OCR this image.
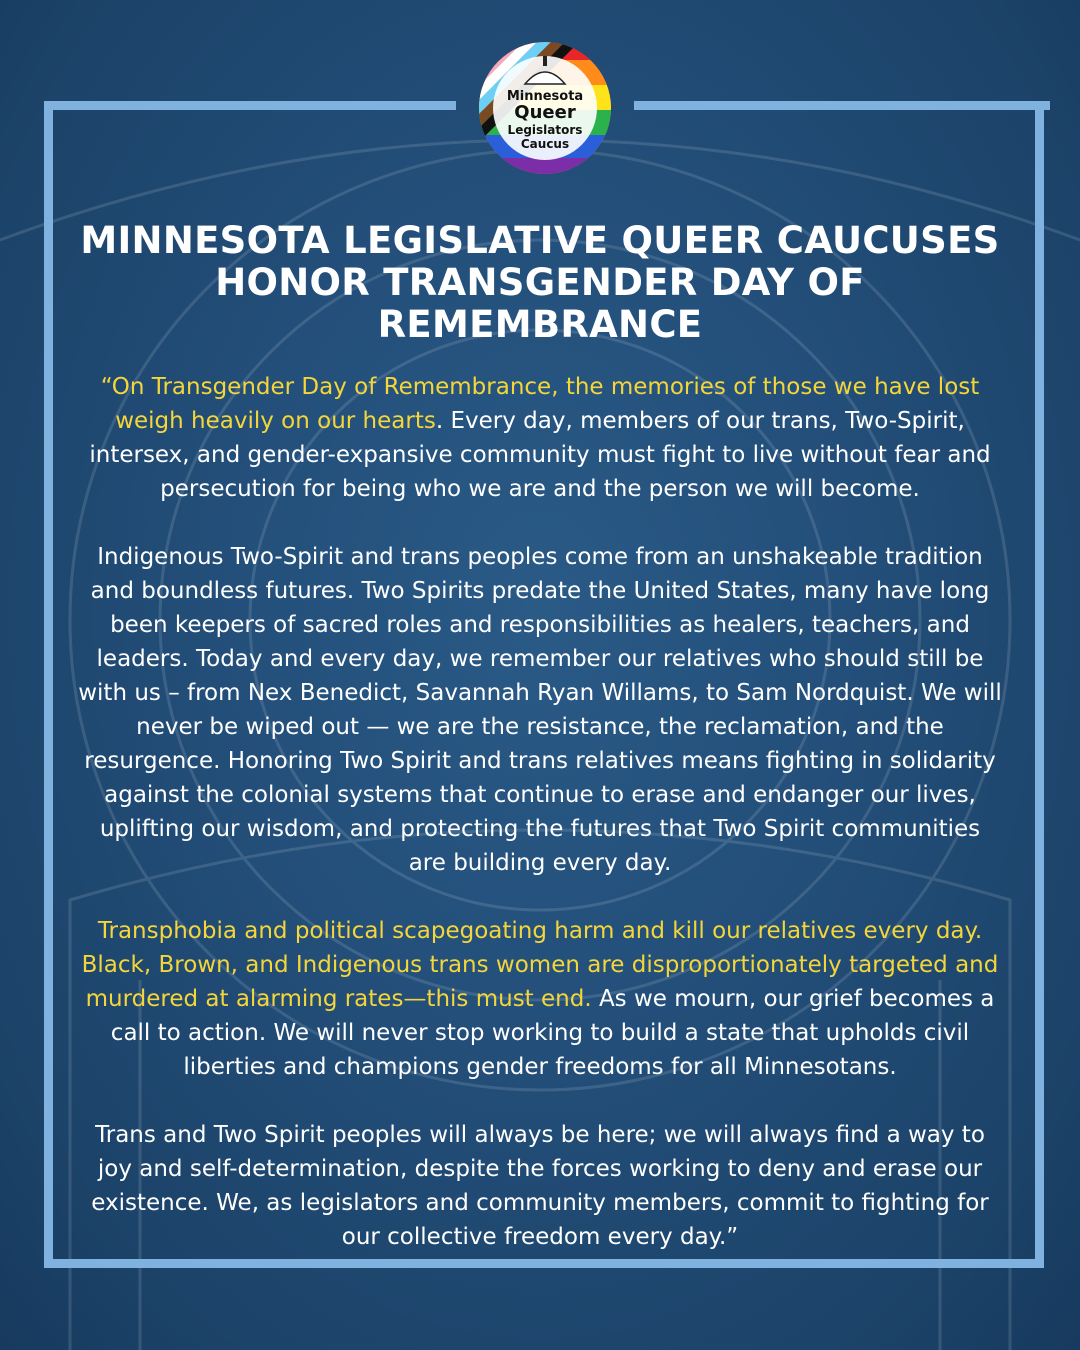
Minnesota
Queer
Legislators
Caucus
MINNESOTA LEGISLATIVE QUEER CAUCUSES HONOR TRANSGENDER DAY OF REMEMBRANCE

“On Transgender Day of Remembrance, the memories of those we have lost weigh heavily on our hearts. Every day, members of our trans, Two-Spirit, intersex, and gender-expansive community must fight to live without fear and persecution for being who we are and the person we will become.

Indigenous Two-Spirit and trans peoples come from an unshakeable tradition and boundless futures. Two Spirits predate the United States, many have long been keepers of sacred roles and responsibilities as healers, teachers, and leaders. Today and every day, we remember our relatives who should still be with us – from Nex Benedict, Savannah Ryan Willams, to Sam Nordquist. We will never be wiped out — we are the resistance, the reclamation, and the resurgence. Honoring Two Spirit and trans relatives means fighting in solidarity against the colonial systems that continue to erase and endanger our lives, uplifting our wisdom, and protecting the futures that Two Spirit communities are building every day.

Transphobia and political scapegoating harm and kill our relatives every day. Black, Brown, and Indigenous trans women are disproportionately targeted and murdered at alarming rates—this must end. As we mourn, our grief becomes a call to action. We will never stop working to build a state that upholds civil liberties and champions gender freedoms for all Minnesotans.

Trans and Two Spirit peoples will always be here; we will always find a way to joy and self-determination, despite the forces working to deny and erase our existence. We, as legislators and community members, commit to fighting for our collective freedom every day.”
